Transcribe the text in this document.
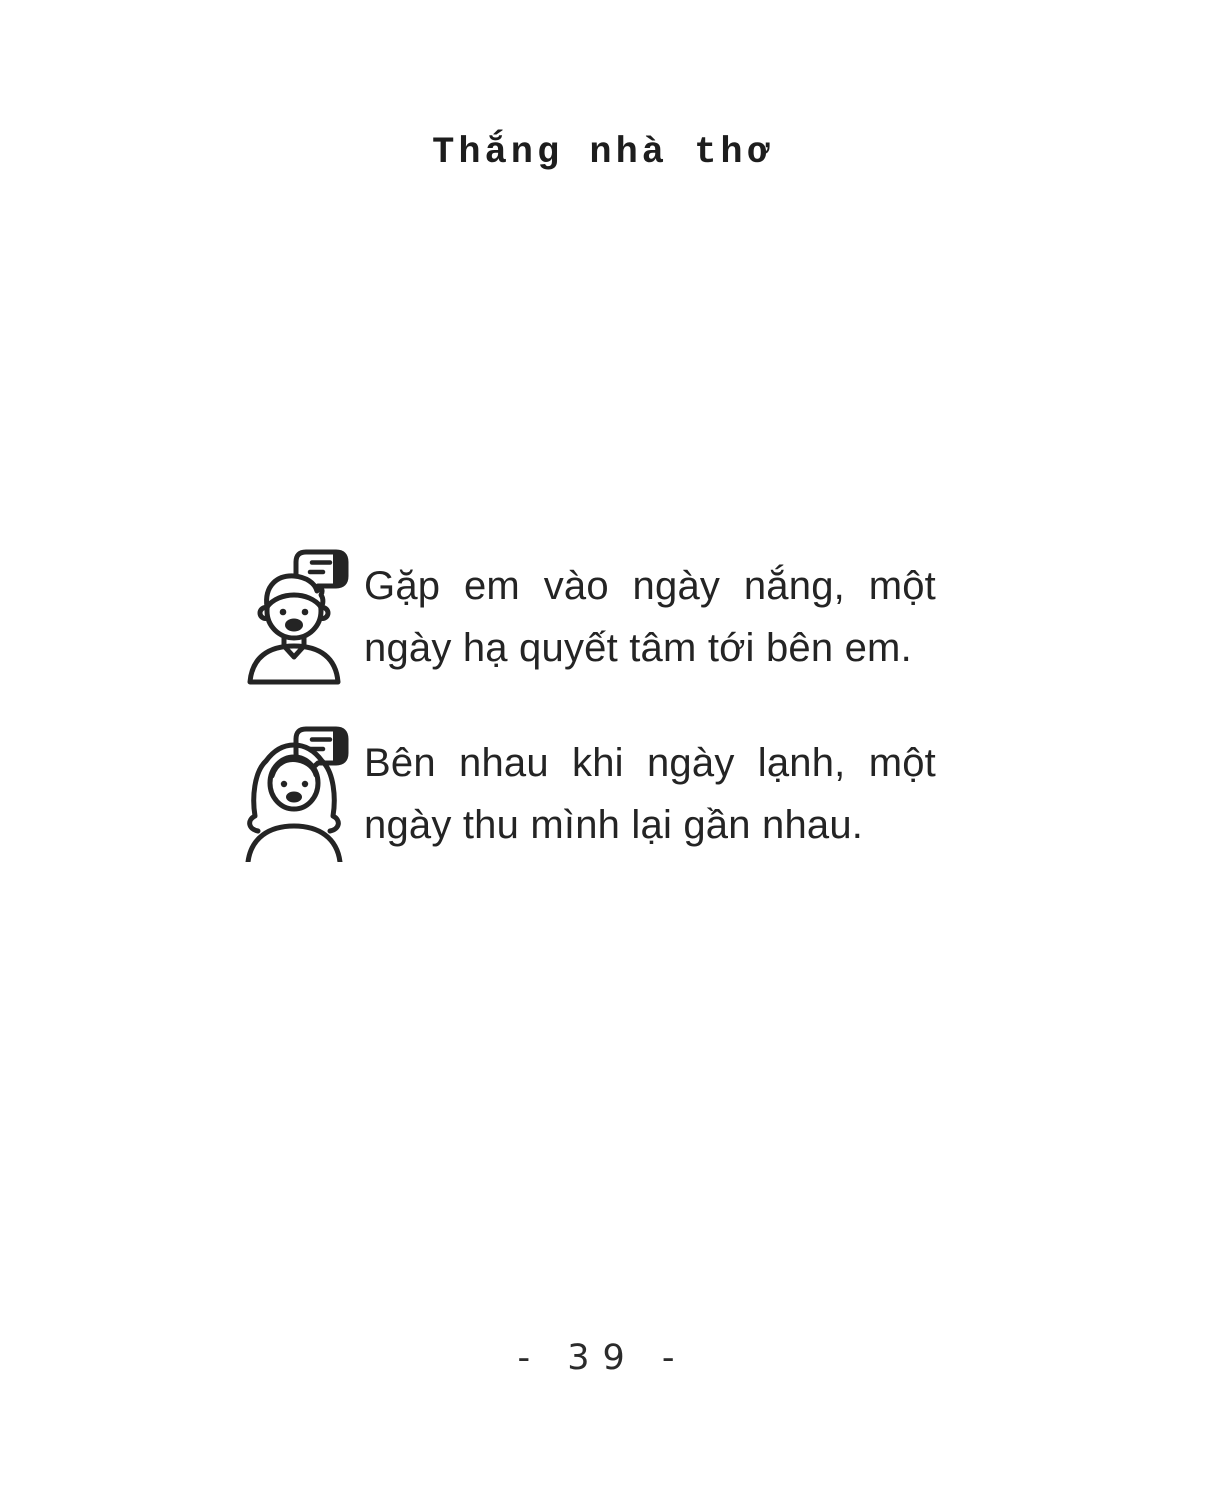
Thắng nhà thơ
Gặp em vào ngày nắng, một
ngày hạ quyết tâm tới bên em.
Bên nhau khi ngày lạnh, một
ngày thu mình lại gần nhau.
- 39 -
